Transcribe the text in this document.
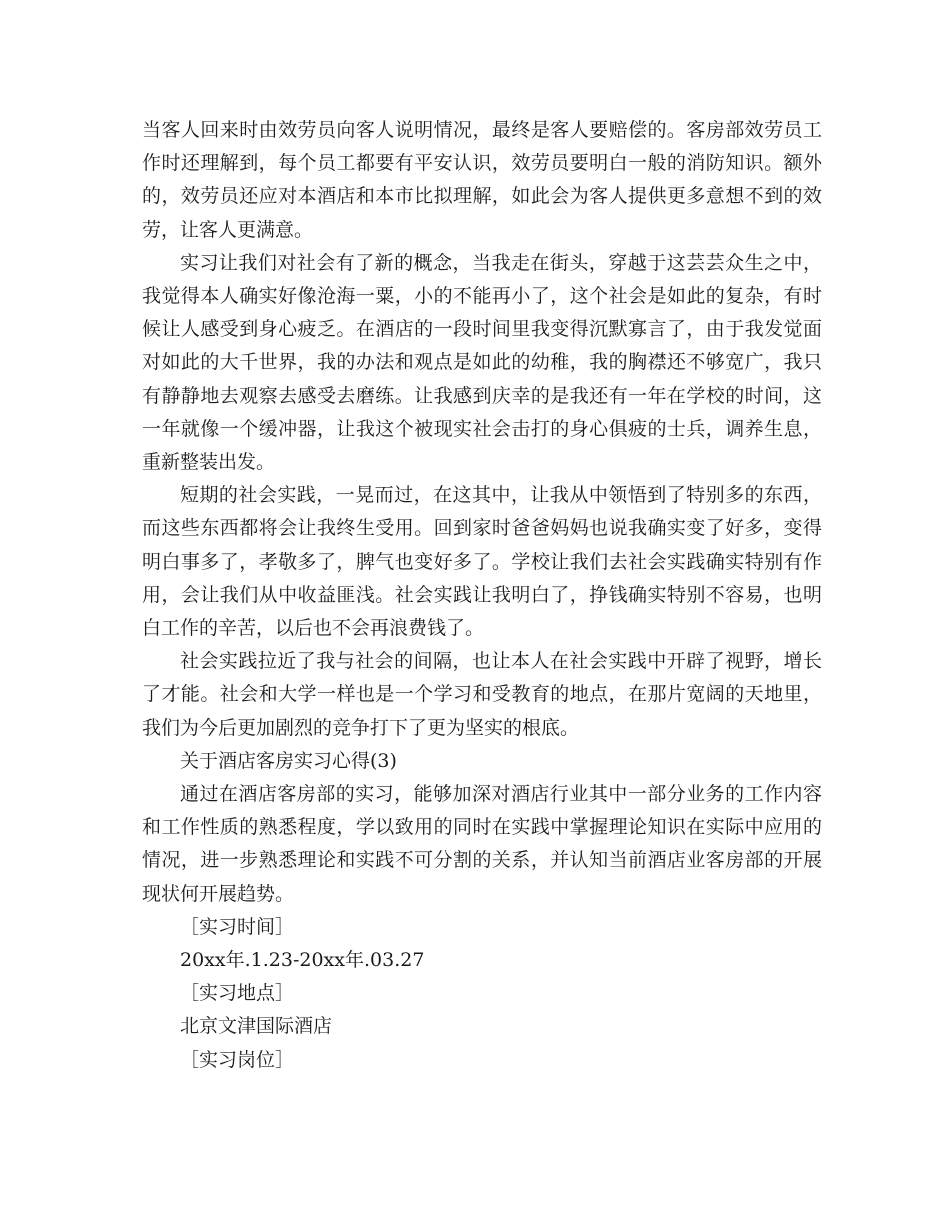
当客人回来时由效劳员向客人说明情况，最终是客人要赔偿的。客房部效劳员工作时还理解到，每个员工都要有平安认识，效劳员要明白一般的消防知识。额外的，效劳员还应对本酒店和本市比拟理解，如此会为客人提供更多意想不到的效劳，让客人更满意。

实习让我们对社会有了新的概念，当我走在街头，穿越于这芸芸众生之中，我觉得本人确实好像沧海一粟，小的不能再小了，这个社会是如此的复杂，有时候让人感受到身心疲乏。在酒店的一段时间里我变得沉默寡言了，由于我发觉面对如此的大千世界，我的办法和观点是如此的幼稚，我的胸襟还不够宽广，我只有静静地去观察去感受去磨练。让我感到庆幸的是我还有一年在学校的时间，这一年就像一个缓冲器，让我这个被现实社会击打的身心俱疲的士兵，调养生息，重新整装出发。

短期的社会实践，一晃而过，在这其中，让我从中领悟到了特别多的东西，而这些东西都将会让我终生受用。回到家时爸爸妈妈也说我确实变了好多，变得明白事多了，孝敬多了，脾气也变好多了。学校让我们去社会实践确实特别有作用，会让我们从中收益匪浅。社会实践让我明白了，挣钱确实特别不容易，也明白工作的辛苦，以后也不会再浪费钱了。

社会实践拉近了我与社会的间隔，也让本人在社会实践中开辟了视野，增长了才能。社会和大学一样也是一个学习和受教育的地点，在那片宽阔的天地里，我们为今后更加剧烈的竞争打下了更为坚实的根底。

关于酒店客房实习心得(3)

通过在酒店客房部的实习，能够加深对酒店行业其中一部分业务的工作内容和工作性质的熟悉程度，学以致用的同时在实践中掌握理论知识在实际中应用的情况，进一步熟悉理论和实践不可分割的关系，并认知当前酒店业客房部的开展现状何开展趋势。

［实习时间］

20xx年.1.23-20xx年.03.27

［实习地点］

北京文津国际酒店

［实习岗位］
